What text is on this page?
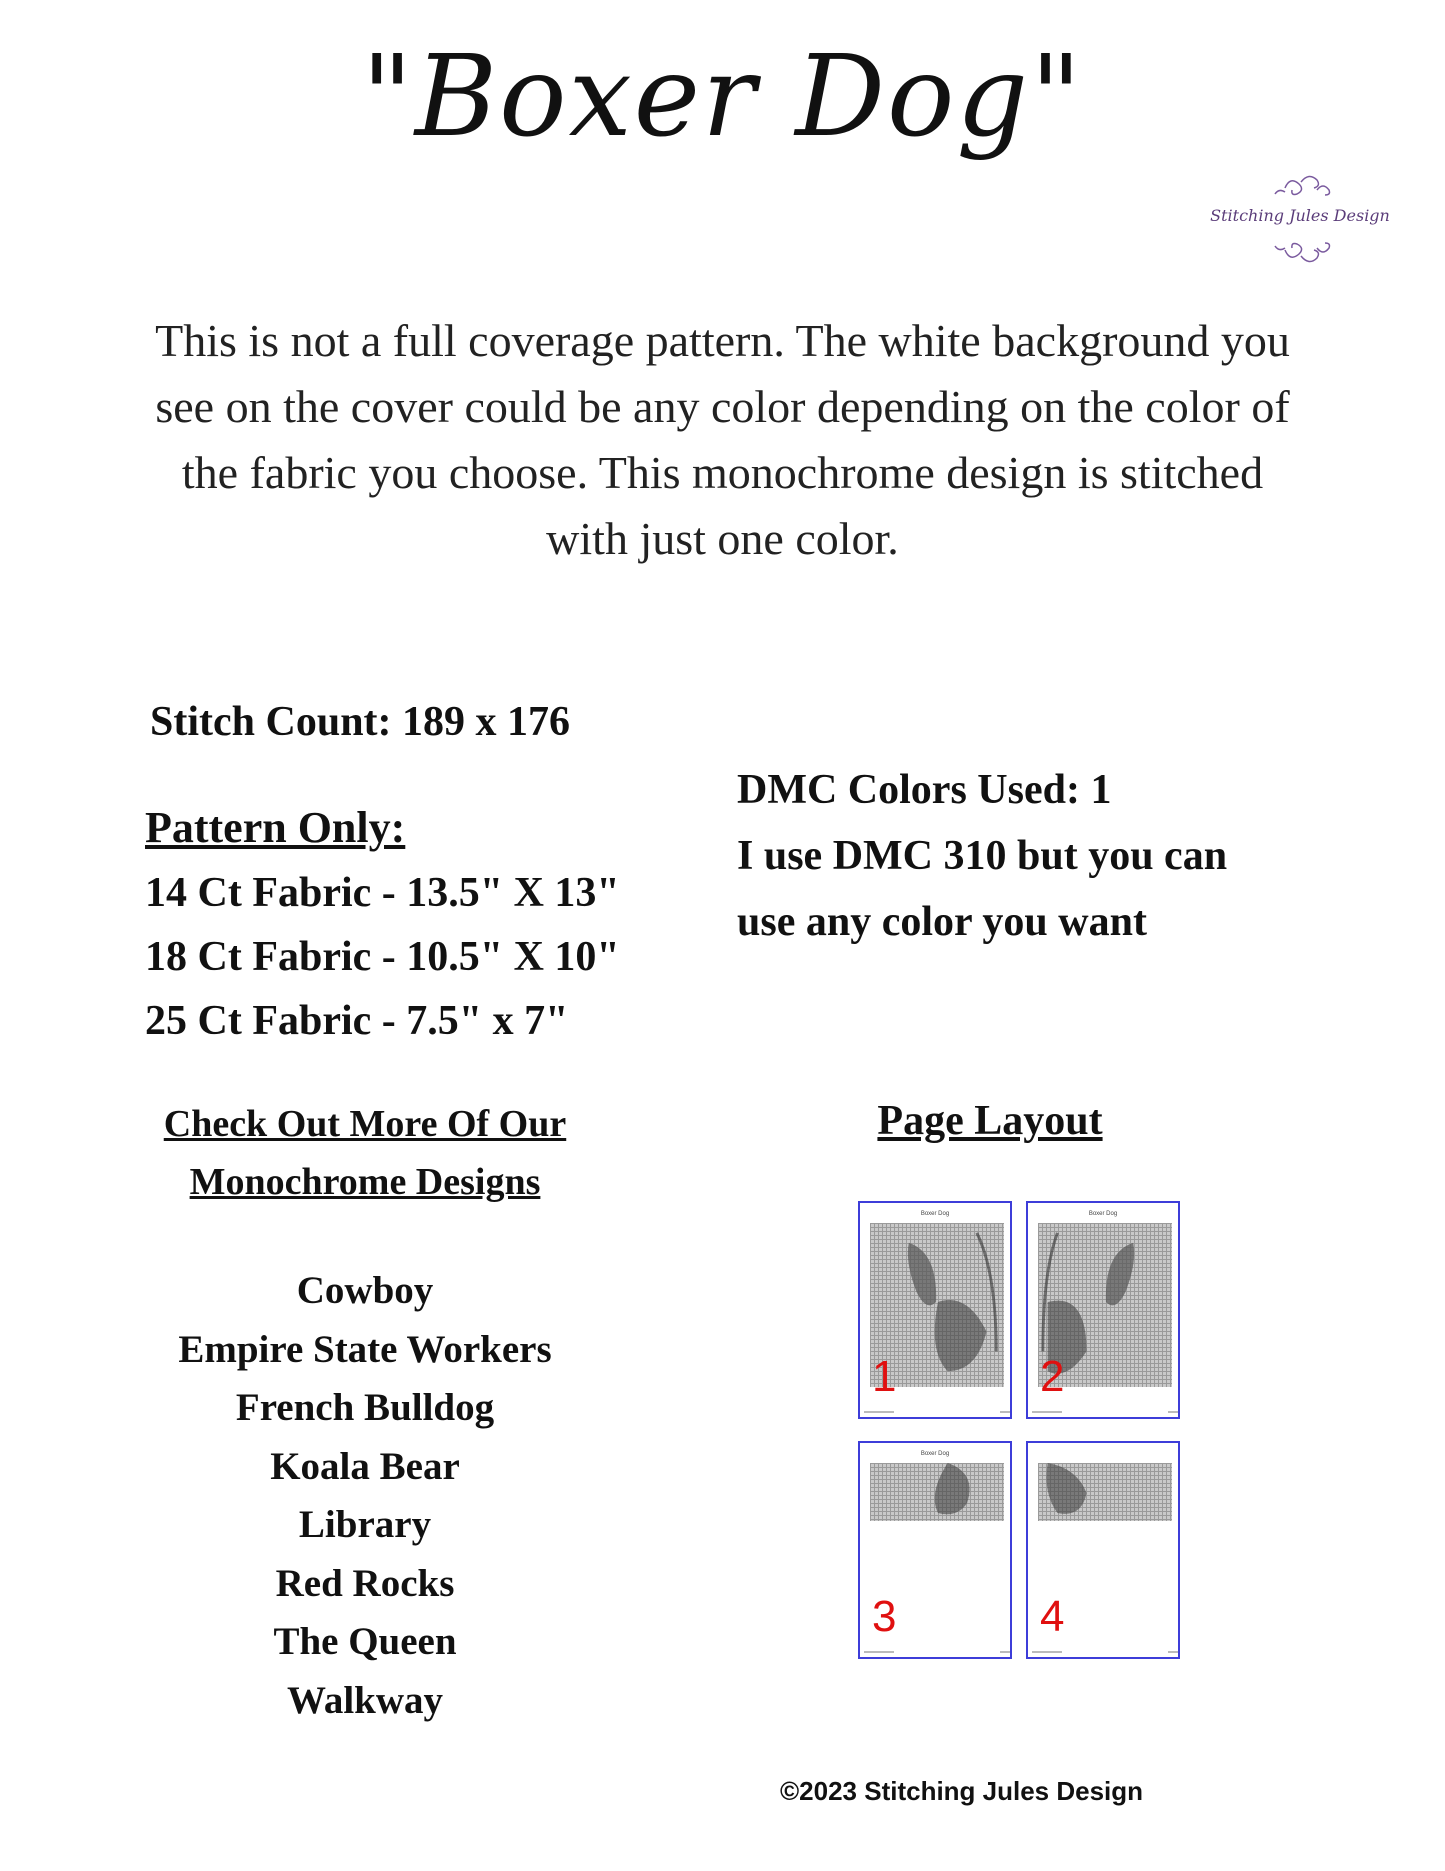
"Boxer Dog"
Stitching Jules Design

This is not a full coverage pattern. The white background you see on the cover could be any color depending on the color of the fabric you choose. This monochrome design is stitched with just one color.

Stitch Count: 189 x 176
Pattern Only:
14 Ct Fabric - 13.5" X 13"
18 Ct Fabric - 10.5" X 10"
25 Ct Fabric - 7.5" x 7"
DMC Colors Used: 1
I use DMC 310 but you can
use any color you want
Check Out More Of Our
Monochrome Designs
Cowboy
Empire State Workers
French Bulldog
Koala Bear
Library
Red Rocks
The Queen
Walkway
Page Layout
Boxer Dog
1
Boxer Dog
2
Boxer Dog
3	4
©2023 Stitching Jules Design
